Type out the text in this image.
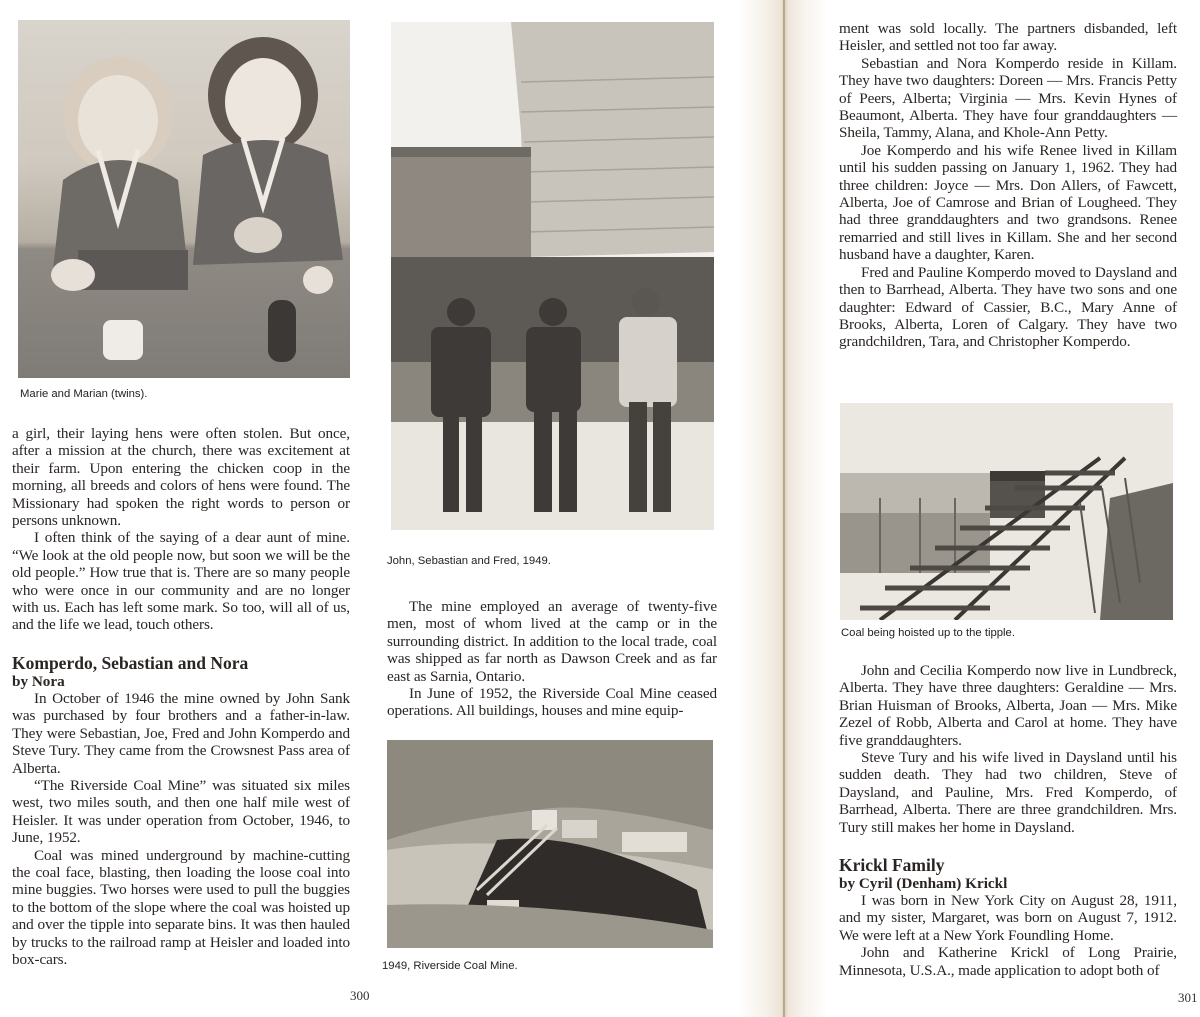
Marie and Marian (twins).

a girl, their laying hens were often stolen. But once, after a mission at the church, there was excitement at their farm. Upon entering the chicken coop in the morning, all breeds and colors of hens were found. The Missionary had spoken the right words to person or persons unknown.

I often think of the saying of a dear aunt of mine. “We look at the old people now, but soon we will be the old people.” How true that is. There are so many people who were once in our community and are no longer with us. Each has left some mark. So too, will all of us, and the life we lead, touch others.

Komperdo, Sebastian and Nora
by Nora

In October of 1946 the mine owned by John Sank was purchased by four brothers and a father-in-law. They were Sebastian, Joe, Fred and John Komperdo and Steve Tury. They came from the Crowsnest Pass area of Alberta.

“The Riverside Coal Mine” was situated six miles west, two miles south, and then one half mile west of Heisler. It was under operation from October, 1946, to June, 1952.

Coal was mined underground by machine-cutting the coal face, blasting, then loading the loose coal into mine buggies. Two horses were used to pull the buggies to the bottom of the slope where the coal was hoisted up and over the tipple into separate bins. It was then hauled by trucks to the railroad ramp at Heisler and loaded into box-cars.

John, Sebastian and Fred, 1949.

The mine employed an average of twenty-five men, most of whom lived at the camp or in the surrounding district. In addition to the local trade, coal was shipped as far north as Dawson Creek and as far east as Sarnia, Ontario.

In June of 1952, the Riverside Coal Mine ceased operations. All buildings, houses and mine equip-

1949, Riverside Coal Mine.
300

ment was sold locally. The partners disbanded, left Heisler, and settled not too far away.

Sebastian and Nora Komperdo reside in Killam. They have two daughters: Doreen — Mrs. Francis Petty of Peers, Alberta; Virginia — Mrs. Kevin Hynes of Beaumont, Alberta. They have four granddaughters — Sheila, Tammy, Alana, and Khole-Ann Petty.

Joe Komperdo and his wife Renee lived in Killam until his sudden passing on January 1, 1962. They had three children: Joyce — Mrs. Don Allers, of Fawcett, Alberta, Joe of Camrose and Brian of Lougheed. They had three granddaughters and two grandsons. Renee remarried and still lives in Killam. She and her second husband have a daughter, Karen.

Fred and Pauline Komperdo moved to Daysland and then to Barrhead, Alberta. They have two sons and one daughter: Edward of Cassier, B.C., Mary Anne of Brooks, Alberta, Loren of Calgary. They have two grandchildren, Tara, and Christopher Komperdo.

Coal being hoisted up to the tipple.

John and Cecilia Komperdo now live in Lundbreck, Alberta. They have three daughters: Geraldine — Mrs. Brian Huisman of Brooks, Alberta, Joan — Mrs. Mike Zezel of Robb, Alberta and Carol at home. They have five granddaughters.

Steve Tury and his wife lived in Daysland until his sudden death. They had two children, Steve of Daysland, and Pauline, Mrs. Fred Komperdo, of Barrhead, Alberta. There are three grandchildren. Mrs. Tury still makes her home in Daysland.

Krickl Family
by Cyril (Denham) Krickl

I was born in New York City on August 28, 1911, and my sister, Margaret, was born on August 7, 1912. We were left at a New York Foundling Home.

John and Katherine Krickl of Long Prairie, Minnesota, U.S.A., made application to adopt both of

301
